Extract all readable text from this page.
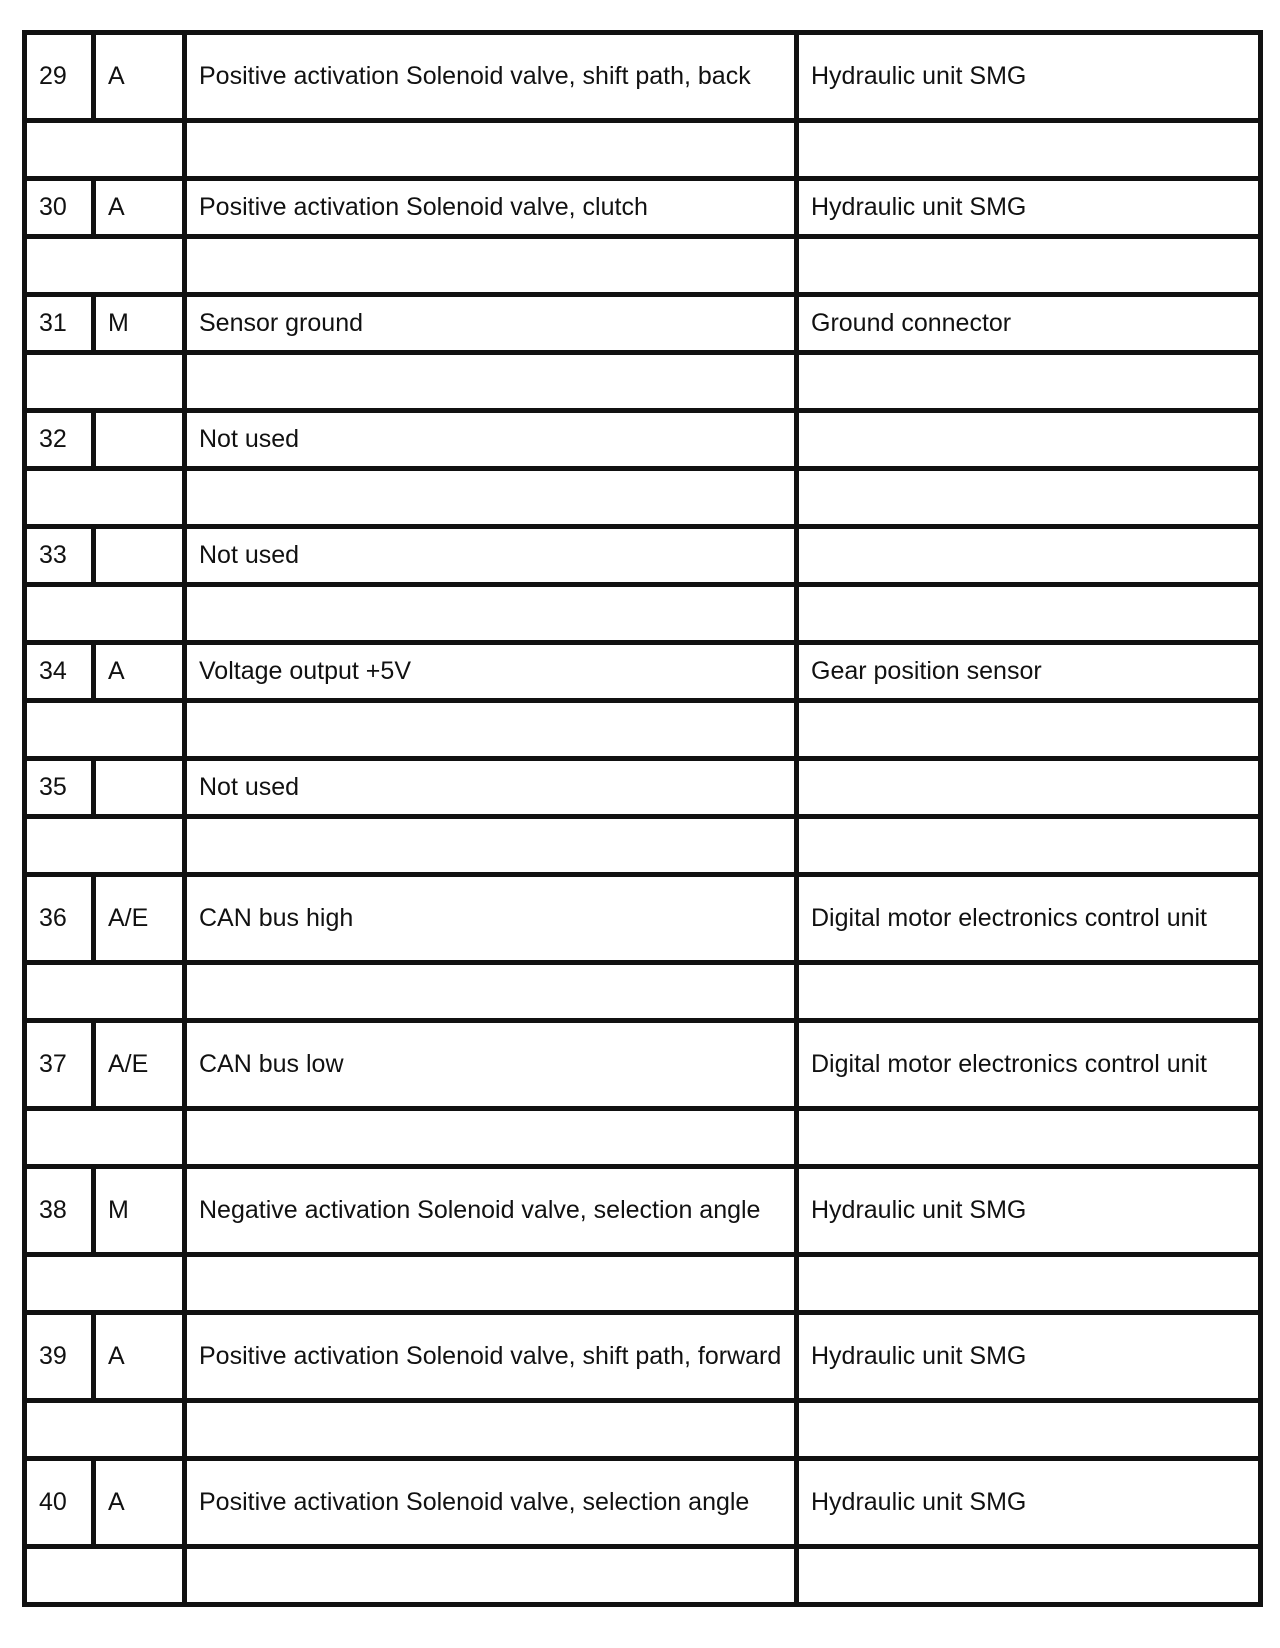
29	A	Positive activation Solenoid valve, shift path, back	Hydraulic unit SMG

30	A	Positive activation Solenoid valve, clutch	Hydraulic unit SMG

31	M	Sensor ground	Ground connector

32		Not used	

33		Not used	

34	A	Voltage output +5V	Gear position sensor

35		Not used	

36	A/E	CAN bus high	Digital motor electronics control unit

37	A/E	CAN bus low	Digital motor electronics control unit

38	M	Negative activation Solenoid valve, selection angle	Hydraulic unit SMG

39	A	Positive activation Solenoid valve, shift path, forward	Hydraulic unit SMG

40	A	Positive activation Solenoid valve, selection angle	Hydraulic unit SMG
